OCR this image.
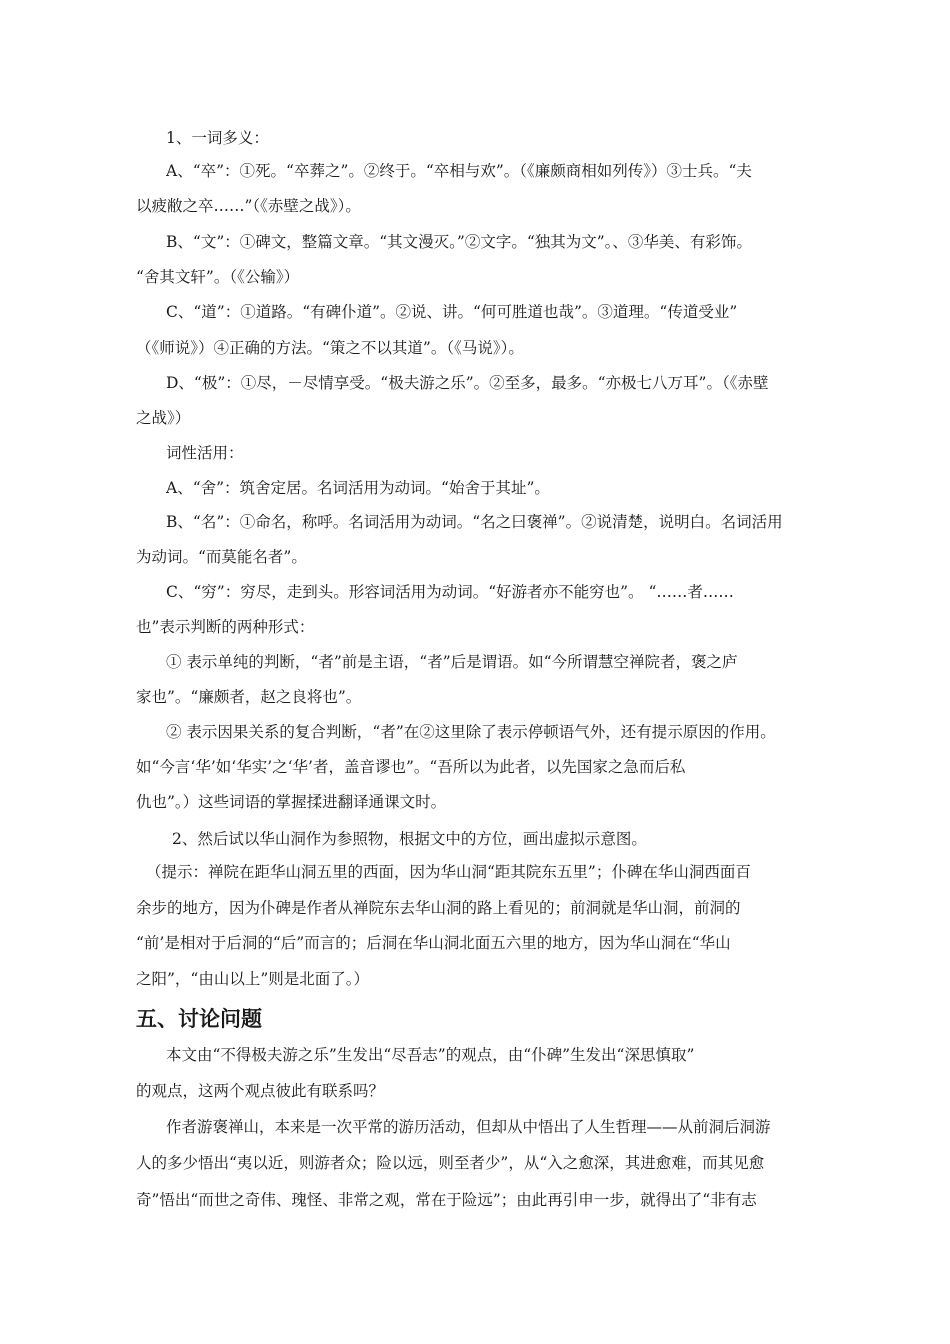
1、一词多义：
A、“卒”：①死。“卒葬之”。②终于。“卒相与欢”。（《廉颇商相如列传》）③士兵。“夫
以疲敝之卒……”（《赤壁之战》）。
B、“文”：①碑文，整篇文章。“其文漫灭。”②文字。“独其为文”。、③华美、有彩饰。
“舍其文轩”。（《公输》）
C、“道”：①道路。“有碑仆道”。②说、讲。“何可胜道也哉”。③道理。“传道受业”
（《师说》）④正确的方法。“策之不以其道”。（《马说》）。
D、“极”：①尽，－尽情享受。“极夫游之乐”。②至多，最多。“亦极七八万耳”。（《赤壁
之战》）
词性活用：
A、“舍”：筑舍定居。名词活用为动词。“始舍于其址”。
B、“名”：①命名，称呼。名词活用为动词。“名之曰褒禅”。②说清楚，说明白。名词活用
为动词。“而莫能名者”。
C、“穷”：穷尽，走到头。形容词活用为动词。“好游者亦不能穷也”。 “……者……
也”表示判断的两种形式：
① 表示单纯的判断，“者”前是主语，“者”后是谓语。如“今所谓慧空禅院者，褒之庐
家也”。“廉颇者，赵之良将也”。
② 表示因果关系的复合判断，“者”在②这里除了表示停顿语气外，还有提示原因的作用。
如“今言‘华’如‘华实’之‘华’者，盖音谬也”。“吾所以为此者，以先国家之急而后私
仇也”。）这些词语的掌握揉进翻译通课文时。
2、然后试以华山洞作为参照物，根据文中的方位，画出虚拟示意图。
（提示：禅院在距华山洞五里的西面，因为华山洞“距其院东五里”；仆碑在华山洞西面百
余步的地方，因为仆碑是作者从禅院东去华山洞的路上看见的；前洞就是华山洞，前洞的
“前’是相对于后洞的“后”而言的；后洞在华山洞北面五六里的地方，因为华山洞在“华山
之阳”，“由山以上”则是北面了。）
五、讨论问题
本文由“不得极夫游之乐”生发出“尽吾志”的观点，由“仆碑”生发出“深思慎取”
的观点，这两个观点彼此有联系吗？
作者游褒禅山，本来是一次平常的游历活动，但却从中悟出了人生哲理——从前洞后洞游
人的多少悟出“夷以近，则游者众；险以远，则至者少”，从“入之愈深，其进愈难，而其见愈
奇”悟出“而世之奇伟、瑰怪、非常之观，常在于险远”；由此再引申一步，就得出了“非有志
